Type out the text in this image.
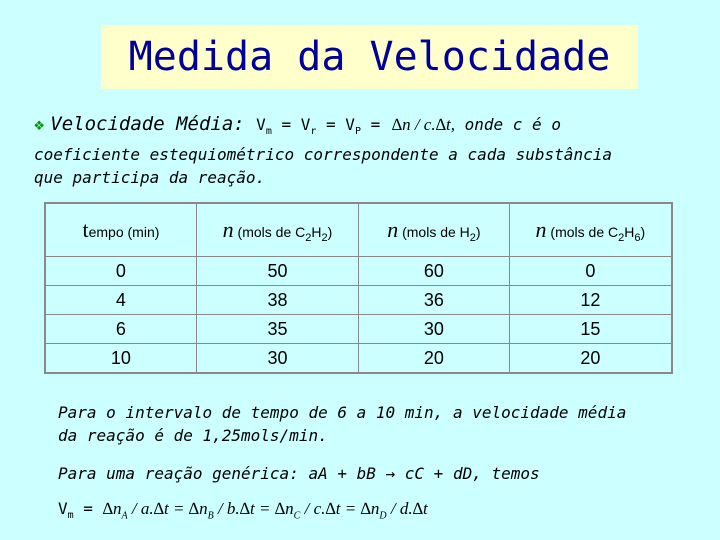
Medida da Velocidade
❖ Velocidade Média: $V_m = V_r = V_P = \Delta n / c.\Delta t$, onde c é o
coeficiente estequiométrico correspondente a cada substância
que participa da reação.
tempo (min)	n (mols de $C_2H_2$)	n (mols de $H_2$)	n (mols de $C_2H_6$)
0	50	60	0
4	38	36	12
6	35	30	15
10	30	20	20
Para o intervalo de tempo de 6 a 10 min, a velocidade média
da reação é de 1,25mols/min.
Para uma reação genérica: aA + bB → cC + dD, temos
$V_m = \Delta n_A / a.\Delta t = \Delta n_B / b.\Delta t = \Delta n_C / c.\Delta t = \Delta n_D / d.\Delta t$
